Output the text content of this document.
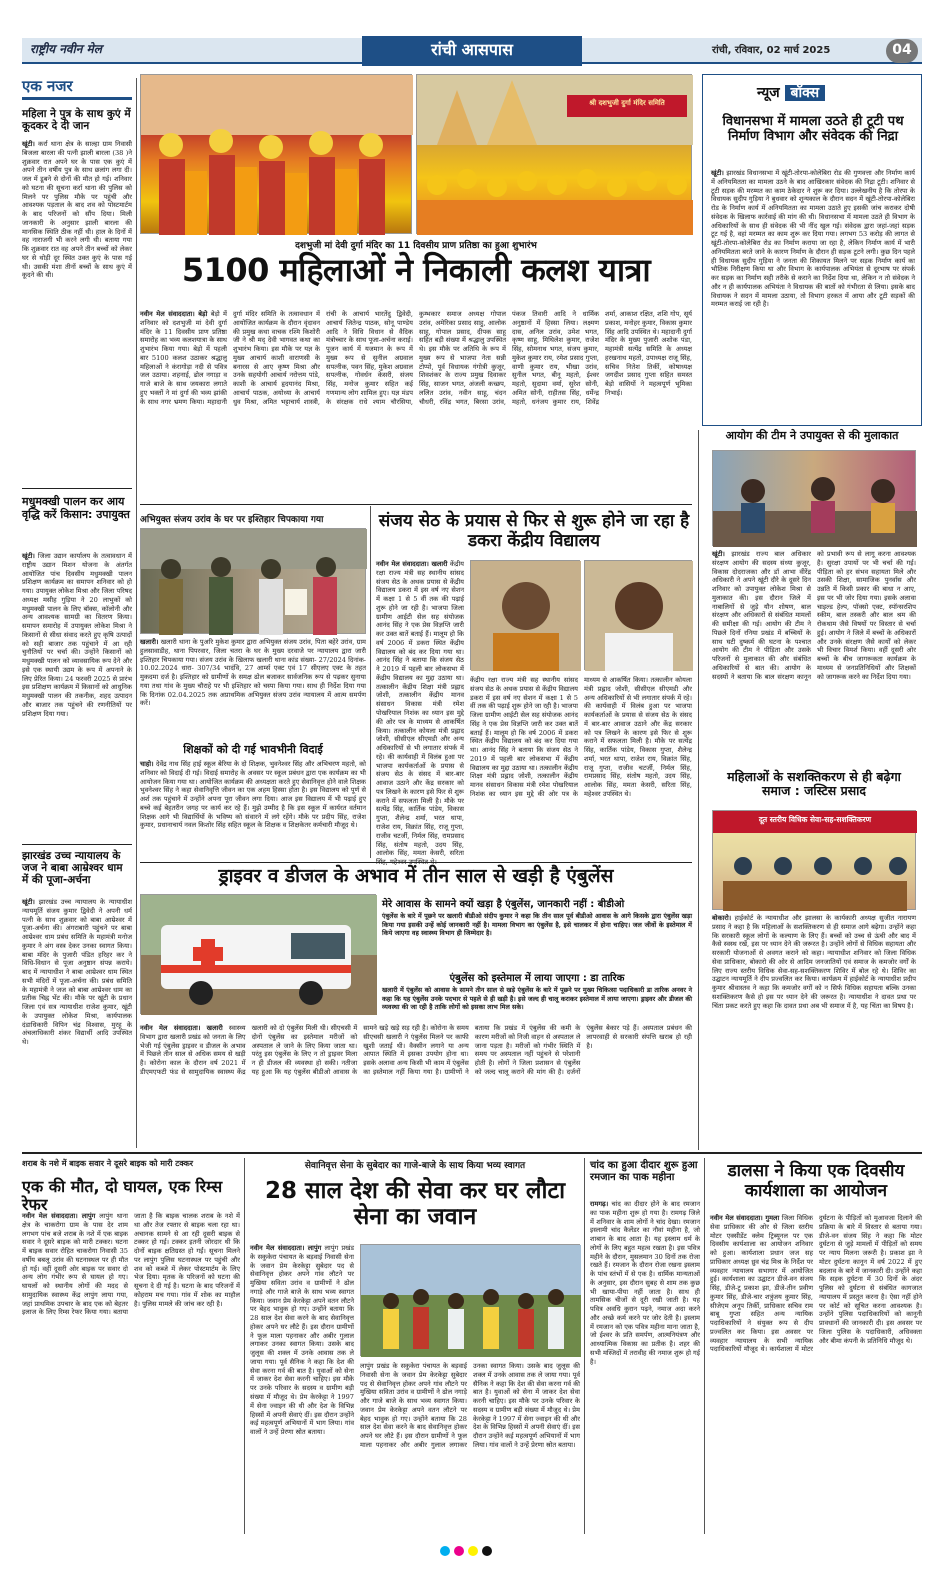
राष्ट्रीय नवीन मेल	रांची आसपास	रांची, रविवार, 02 मार्च 2025	04
एक नजर
महिला ने पुत्र के साथ कुएं में कूदकर दे दी जान
खूंटी। कर्रा थाना क्षेत्र के साल्हा ग्राम निवासी बिजला बारला की पत्नी झाली बारला (38 )ने शुक्रवार रात अपने घर के पास एक कुएं में अपने तीन वर्षीय पुत्र के साथ छलांग लगा दी। जल में डूबने से दोनों की मौत हो गई। शनिवार को घटना की सूचना कर्रा थाना की पुलिस को मिलने पर पुलिस मौके पर पहुंची और आवश्यक पड़ताल के बाद शव को पोस्टमार्टम के बाद परिजनों को सौंप दिया। मिली जानकारी के अनुसार झाली बारला की मानसिक स्थिति ठीक नहीं थी। हाल के दिनों में वह नाराजगी भी करने लगी थी। बताया गया कि शुक्रवार रात वह अपने तीन बच्चों को लेकर घर से थोड़ी दूर स्थित उक्त कुएं के पास गई थी। उसकी मंशा तीनों बच्चों के साथ कुएं में कूदने की थी।
मधुमक्खी पालन कर आय वृद्धि करें किसान: उपायुक्त
खूंटी। जिला उद्यान कार्यालय के तत्वावधान में राष्ट्रीय उद्यान मिशन योजना के अंतर्गत आयोजित पांच दिवसीय मधुमक्खी पालन प्रशिक्षण कार्यक्रम का समापन शनिवार को हो गया। उपायुक्त लोकेश मिश्रा और जिला परिषद अध्यक्ष मसीह गुड़िया ने 20 लाभुकों को मधुमक्खी पालन के लिए बॉक्स, कॉलोनी और अन्य आवश्यक सामग्री का वितरण किया। समापन समारोह में उपायुक्त लोकेश मिश्रा ने किसानों से सीधा संवाद करते हुए कृषि उत्पादों को सही बाजार तक पहुंचाने में आ रही चुनौतियों पर चर्चा की। उन्होंने किसानों को मधुमक्खी पालन को व्यावसायिक रूप देने और इसे एक स्थायी उद्यम के रूप में अपनाने के लिए प्रेरित किया। 24 फरवरी 2025 से प्रारंभ इस प्रशिक्षण कार्यक्रम में किसानों को आधुनिक मधुमक्खी पालन की तकनीक, शहद उत्पादन और बाजार तक पहुंचने की रणनीतियों पर प्रशिक्षण दिया गया।
झारखंड उच्च न्यायालय के जज ने बाबा आम्रेश्वर धाम में की पूजा-अर्चना
खूंटी। झारखंड उच्च न्यायालय के न्यायाधीश न्यायमूर्ति संजय कुमार द्विवेदी ने अपनी धर्म पत्नी के साथ शुक्रवार को बाबा आम्रेश्वर में पूजा-अर्चना की। अंगराबारी पहुंचने पर बाबा आम्रेश्वर धाम प्रबंध समिति के महामंत्री मनोज कुमार ने अंग वस्त्र देकर उनका स्वागत किया। बाबा मंदिर के पुजारी पंडित हरिहर कर ने विधि-विधान से पूजा अनुष्ठान संपन्न कराये। बाद में न्यायाधीश ने बाबा आम्रेश्वर धाम स्थित सभी मंदिरों में पूजा-अर्चना की। प्रबंध समिति के महामंत्री ने जज को बाबा आम्रेश्वर धाम का प्रतीक चिह्न भेंट की। मौके पर खूंटी के प्रधान जिला एवं सत्र न्यायाधीश राजेश कुमार, खूंटी के उपायुक्त लोकेश मिश्रा, कार्यपालक दंडाधिकारी विपिन चंद्र विश्वास, मुरहू के अंचलाधिकारी शंकर विद्यार्थी आदि उपस्थित थे।
श्री दशभुजी दुर्गा मंदिर समिति
दशभुजी मां देवी दुर्गा मंदिर का 11 दिवसीय प्राण प्रतिष्ठा का हुआ शुभारंभ
5100 महिलाओं ने निकाली कलश यात्रा
नवीन मेल संवाददाता। बेड़ो बेड़ो में शनिवार को दशभुजी मां देवी दुर्गा मंदिर के 11 दिवसीय प्राण प्रतिष्ठा समारोह का भव्य कलशयात्रा के साथ शुभारंभ किया गया। बेड़ो में पहली बार 5100 कलश उठाकर श्रद्धालु महिलाओं ने कंरागोड़ा नदी से पवित्र जल उठाया। शहनाई, ढोल नगाड़ा व गाजे बाजे के साथ जयकारा लगाते हुए भक्तों ने मां दुर्गा की भव्य झांकी के साथ नगर भ्रमण किया। महादानी दुर्गा मंदिर समिति के तत्वावधान में आयोजित कार्यक्रम के दौरान वृंदावन की प्रमुख कथा वाचक रश्मि किशोरी जी ने श्री मद् देवी भागवत कथा का शुभारंभ किया। इस मौके पर यज्ञ के मुख्य आचार्य काशी वाराणसी के बनारस से आए कृष्ण मिश्रा और उनके सहयोगी आचार्य नरोत्तम पांडे, काशी के आचार्य हृदयानंद मिश्रा, आचार्य पाठक, अयोध्या के आचार्य धुव मिश्रा, अमित भट्टाचार्य शास्त्री, रांची के आचार्य भारतेंदु द्विवेदी, आचार्य जितेन्द्र पाठक, सोनू पाण्डेय आदि ने विधि विधान से वैदिक मंत्रोच्चार के साथ पूजा-अर्चना कराई। पूजन कार्य में यजमान के रूप में मुख्य रूप से सुनील अग्रवाल सपत्नीक, पवन सिंह, मुकेश अग्रवाल सपत्नीक, गोवर्धन केसरी, संजय सिंह, मनोज कुमार सहित कई गणमान्य लोग शामिल हुए। यज्ञ मंडप के संरक्षक राधे श्याम चौरसिया, कुम्भकार समाज अध्यक्ष गोपाल उरांव, अमेरिका प्रसाद साहु, आलोक साहू, गोपाल प्रसाद, दीपक साहू सहित बड़ी संख्या में श्रद्धालु उपस्थित थे। इस मौके पर अतिथि के रूप में मुख्य रूप से भाजपा नेता सन्नी टोप्पो, पूर्व विधायक गंगोत्री कुजूर, शिवशंकर के राज्य प्रमुख दिवाकर सिंह, साजन भगत, अंजली कच्छप, ललित उरांव, नवीन साहू, चंदन चौधरी, रविंद्र भगत, बिरसा उरांव, पंकज तिवारी आदि ने धार्मिक अनुष्ठानों में हिस्सा लिया। लक्ष्मण दास, अनिल उरांव, उमेश भगत, कृष्ण साहू, मिथिलेश कुमार, राजेश सिंह, सोमनाथ भगत, संजय कुमार, मुकेश कुमार राय, रमेश प्रसाद गुप्ता, वाणी कुमार राय, भीखा उरांव, सुनील भगत, बीनू महतो, ईश्वर महतो, सुदामा वर्मा, सुरेश सोनी, अमित सोनी, राहीतस सिंह, धर्मेन्द्र महतो, धनंजय कुमार राय, शिवेंद्र शर्मा, आकाश रक्षित, शशि गोप, सूर्य प्रकाश, मनोहर कुमार, विकास कुमार सिंह आदि उपस्थित थे। महादानी दुर्गा मंदिर के मुख्य पुजारी अशोक पंडा, महामंत्री सत्येंद्र समिति के अध्यक्ष हरखनाथ महतो, उपाध्यक्ष राजू सिंह, सचिव नितेश तिर्की, कोषाध्यक्ष जगदीश प्रसाद गुप्ता सहित समस्त बेड़ो वासियों ने महत्वपूर्ण भूमिका निभाई।
न्यूज बॉक्स
विधानसभा में मामला उठते ही टूटी पथ निर्माण विभाग और संवेदक की निद्रा
खूंटी। झारखंड विधानसभा में खूंटी-तोरपा-कोलेबिरा रोड की गुणवत्ता और निर्माण कार्य में अनियमितता का मामला उठने के बाद आखिरकार संवेदक की निद्रा टूटी। शनिवार से टूटी सड़क की मरम्मत का काम ठेकेदार ने शुरू कर दिया। उल्लेखनीय है कि तोरपा के विधायक सुदीप गुड़िया ने बुधवार को शून्यकाल के दौरान सदन में खूंटी-तोरपा-कोलेबिरा रोड के निर्माण कार्य में अनियमितता का मामला उठाते हुए इसकी जांच कराकर दोषी संवेदक के खिलाफ कार्रवाई की मांग की थी। विधानसभा में मामला उठते ही विभाग के अधिकारियों के साथ ही संवेदक की भी नींद खुल गई। संवेदक द्वारा जहां-जहां सड़क टूट गई है, वहां मरम्मत का काम शुरू कर दिया गया। लगभग 53 करोड़ की लागत से खूंटी-तोरपा-कोलेबिरा रोड का निर्माण कराया जा रहा है, लेकिन निर्माण कार्य में भारी अनियमितता बरते जाने के कारण निर्माण के दौरान ही सड़क टूटने लगी। कुछ दिन पहले ही विधायक सुदीप गुड़िया ने जनता की शिकायत मिलने पर सड़क निर्माण कार्य का भौतिक निरीक्षण किया था और विभाग के कार्यपालक अभियंता से दूरभाष पर संपर्क कर सड़क का निर्माण सही तरीके से कराने का निर्देश दिया था, लेकिन न तो संवेदक ने और न ही कार्यपालक अभियंता ने विधायक की बातों को गंभीरता से लिया। इसके बाद विधायक ने सदन में मामला उठाया, तो विभाग हरकत में आया और टूटी सड़कों की मरम्मत कराई जा रही है।
आयोग की टीम ने उपायुक्त से की मुलाकात
खूंटी। झारखंड राज्य बाल अधिकार संरक्षण आयोग की सदस्य संध्या कुजूर, विकास दोदराजका और डॉ आभा वीरेंद्र अधिकारी ने अपने खूंटी दौरे के दूसरे दिन शनिवार को उपायुक्त लोकेश मिश्रा से मुलाकात की। इस दौरान जिले में नाबालिगों से जुड़े यौन शोषण, बाल संरक्षण और अधिकारों से संबंधित मामलों की समीक्षा की गई। आयोग की टीम ने पिछले दिनों रनिया प्रखंड में बच्चियों के साथ घटी दुष्कर्म की घटना के पश्चात आयोग की टीम ने पीड़िता और उसके परिजनों से मुलाकात की और संबंधित अधिकारियों से बात की। आयोग के सदस्यों ने बताया कि बाल संरक्षण कानून को प्रभावी रूप से लागू करना आवश्यक है। सुरक्षा उपायों पर भी चर्चा की गई। पीड़िता को हर संभव सहायता मिले और उसकी शिक्षा, सामाजिक पुनर्वास और उन्नति में किसी प्रकार की बाधा न आए, इस पर भी जोर दिया गया। इसके अलावा चाइल्ड हेल्प, पॉक्सो एक्ट, स्पॉन्सरशिप स्कीम, बाल तस्करी और बाल श्रम की रोकथाम जैसे विषयों पर विस्तार से चर्चा हुई। आयोग ने जिले में बच्चों के अधिकारों और उनके संरक्षण जैसे कार्यों को लेकर भी विचार विमर्श किया। वहीं दूसरी ओर बच्चों के बीच जागरूकता कार्यक्रम के माध्यम से जनप्रतिनिधियों और शिक्षकों को जागरूक करने का निर्देश दिया गया।
महिलाओं के सशक्तिकरण से ही बढ़ेगा समाज : जस्टिस प्रसाद
दूत स्तरीय विधिक सेवा-सह-सशक्तिकरण
बोकारो। हाईकोर्ट के न्यायाधीश और झालसा के कार्यकारी अध्यक्ष सुजीत नारायण प्रसाद ने कहा है कि महिलाओं के सशक्तिकरण से ही समाज आगे बढ़ेगा। उन्होंने कहा कि सरकारी स्कूल लोगों के कल्याण के लिए हैं। बच्चों को उच्च से ऊंची और बाद में कैसे स्वस्थ रखें, इस पर ध्यान देने की जरूरत है। उन्होंने लोगों से विधिक सहायता और सरकारी योजनाओं से अवगत कराने को कहा। न्यायाधीश शनिवार को जिला विधिक सेवा प्राधिकार, बोकारो की ओर से आदिम जनजातियों एवं समाज के कमजोर वर्गों के लिए राज्य स्तरीय विधिक सेवा-सह-सशक्तिकरण शिविर में बोल रहे थे। शिविर का उद्घाटन न्यायमूर्ति ने दीप प्रज्वलित कर किया। कार्यक्रम में हाईकोर्ट के न्यायाधीश प्रदीप कुमार श्रीवास्तव ने कहा कि कमजोर वर्गों को न सिर्फ विधिक सहायता बल्कि उनका सशक्तिकरण कैसे हो इस पर ध्यान देने की जरूरत है। न्यायाधीश ने दावत प्रथा पर चिंता प्रकट करते हुए कहा कि दावत प्रथा अब भी समाज में है, यह चिंता का विषय है।
अभियुक्त संजय उरांव के घर पर इश्तिहार चिपकाया गया
खलारी। खलारी थाना के पुअरि मुकेश कुमार द्वारा अभियुक्त संजय उरांव, पिता बहेरे उरांव, ग्राम हुलसावाडीह, थाना पिपरवार, जिला चतरा के घर के मुख्य दरवाजे पर न्यायालय द्वारा जारी इश्तिहार चिपकाया गया। संजय उरांव के खिलाफ खलारी थाना कांड संख्या- 27/2024 दिनांक- 10.02.2024 धारा- 307/34 भादंवि, 27 आर्म्स एक्ट एवं 17 सीएलए एक्ट के तहत मुकदमा दर्ज है। इश्तिहार को ग्रामीणों के समक्ष ढोल बजाकर सार्वजनिक रूप से पढ़कर सुनाया गया तथा गांव के मुख्य चौराहे पर भी इश्तिहार को चस्पा किया गया। साथ ही निर्देश दिया गया कि दिनांक 02.04.2025 तक अप्राथमिक अभियुक्त संजय उरांव न्यायालय में आत्म समर्पण करें।
शिक्षकों को दी गई भावभीनी विदाई
चाहो। देवेंद्र नाथ सिंह हाई स्कूल बेरिया के दो शिक्षक, भुवनेश्वर सिंह और अभिचरण महतो, को शनिवार को विदाई दी गई। विदाई समारोह के अवसर पर स्कूल प्रबंधन द्वारा एक कार्यक्रम का भी आयोजन किया गया था। आयोजित कार्यक्रम की अध्यक्षता करते हुए सेवानिवृत्त होने वाले शिक्षक भुवनेश्वर सिंह ने कहा सेवानिवृत्ति जीवन का एक अहम हिस्सा होता है। इस विद्यालय को पूर्ण से अर्श तक पहुंचाने में उन्होंने अपना पूरा जीवन लगा दिया। आज इस विद्यालय में भी पढ़ाई हुए बच्चे कई बेहतरीन जगह पर कार्य कर रहे हैं। मुझे उम्मीद है कि इस स्कूल में कार्यरत वर्तमान शिक्षक आगे भी विद्यार्थियों के भविष्य को संवारने में लगे रहेंगे। मौके पर प्रदीप सिंह, राजेश कुमार, प्रधानाचार्य नवल किशोर सिंह सहित स्कूल के शिक्षक व शिक्षकेतर कर्मचारी मौजूद थे।
संजय सेठ के प्रयास से फिर से शुरू होने जा रहा है डकरा केंद्रीय विद्यालय
नवीन मेल संवाददाता। खलारी केंद्रीय रक्षा राज्य मंत्री सह स्थानीय सांसद संजय सेठ के अथक प्रयास से केंद्रीय विद्यालय डकरा में इस वर्ष नए सेशन में कक्षा 1 से 5 वीं तक की पढ़ाई शुरू होने जा रही है। भाजपा जिला ग्रामीण आईटी सेल सह संयोजक आनंद सिंह ने एक प्रेस विज्ञप्ति जारी कर उक्त बातें बताई हैं। मालूम हो कि वर्ष 2006 में डकरा स्थित केंद्रीय विद्यालय को बंद कर दिया गया था। आनंद सिंह ने बताया कि संजय सेठ ने 2019 में पहली बार लोकसभा में केंद्रीय विद्यालय का मुद्दा उठाया था। तत्कालीन केंद्रीय शिक्षा मंत्री प्रह्लाद जोशी, तत्कालीन केंद्रीय मानव संसाधन विकास मंत्री रमेश पोखरियाल निशंक का ध्यान इस मुद्दे की ओर पत्र के माध्यम से आकर्षित किया। तत्कालीन कोयला मंत्री प्रह्लाद जोशी, सीसीएल सीएमडी और अन्य अधिकारियों से भी लगातार संपर्क में रहे। की कार्यवाही में विलंब हुआ पर भाजपा कार्यकर्ताओं के प्रयास से संजय सेठ के संसद में बार-बार आवाज उठाने और केंद्र सरकार को पत्र लिखने के कारण इसे फिर से शुरू कराने में सफलता मिली है। मौके पर सत्येंद्र सिंह, कार्तिक पांडेय, विकास गुप्ता, शैलेन्द्र शर्मा, भरत थापा, राजेश राय, विक्रांत सिंह, राजू गुप्ता, राजीव चटर्जी, निर्मल सिंह, रामप्रसाद सिंह, संतोष महतो, उदय सिंह, आलोक सिंह, ममता केसरी, सरिता
केंद्रीय रक्षा राज्य मंत्री सह स्थानीय सांसद संजय सेठ के अथक प्रयास से केंद्रीय विद्यालय डकरा में इस वर्ष नए सेशन में कक्षा 1 से 5 वीं तक की पढ़ाई शुरू होने जा रही है। भाजपा जिला ग्रामीण आईटी सेल सह संयोजक आनंद सिंह ने एक प्रेस विज्ञप्ति जारी कर उक्त बातें बताई हैं। मालूम हो कि वर्ष 2006 में डकरा स्थित केंद्रीय विद्यालय को बंद कर दिया गया था। आनंद सिंह ने बताया कि संजय सेठ ने 2019 में पहली बार लोकसभा में केंद्रीय विद्यालय का मुद्दा उठाया था। तत्कालीन केंद्रीय शिक्षा मंत्री प्रह्लाद जोशी, तत्कालीन केंद्रीय मानव संसाधन विकास मंत्री रमेश पोखरियाल निशंक का ध्यान इस मुद्दे की ओर पत्र के माध्यम से आकर्षित किया। तत्कालीन कोयला मंत्री प्रह्लाद जोशी, सीसीएल सीएमडी और अन्य अधिकारियों से भी लगातार संपर्क में रहे। की कार्यवाही में विलंब हुआ पर भाजपा कार्यकर्ताओं के प्रयास से संजय सेठ के संसद में बार-बार आवाज उठाने और केंद्र सरकार को पत्र लिखने के कारण इसे फिर से शुरू कराने में सफलता मिली है। मौके पर सत्येंद्र सिंह, कार्तिक पांडेय, विकास गुप्ता, शैलेन्द्र शर्मा, भरत थापा, राजेश राय, विक्रांत सिंह, राजू गुप्ता, राजीव चटर्जी, निर्मल सिंह, रामप्रसाद सिंह, संतोष महतो, उदय सिंह, आलोक सिंह, ममता केसरी, सरिता सिंह, महेश्वर उपस्थित थे।
ड्राइवर व डीजल के अभाव में तीन साल से खड़ी है एंबुलेंस
मेरे आवास के सामने क्यों खड़ा है एंबुलेंस, जानकारी नहीं : बीडीओ
एंबुलेंस के बारे में पूछने पर खलारी बीडीओ संदीप कुमार ने कहा कि तीन साल पूर्व बीडीओ आवास के आगे किसके द्वारा एंबुलेंस खड़ा किया गया इसकी उन्हें कोई जानकारी नहीं है। मामला विभाग का एंबुलेंस है, इसे चालकर में होना चाहिए। जल जीवों के इस्तेमाल में किये जाएगा वह स्वास्थ्य विभाग ही जिम्मेदार है।
एंबुलेंस को इस्तेमाल में लाया जाएगा : डा तारिक
खलारी में एंबुलेंस को आवास के सामने तीन साल से खड़े एंबुलेंस के बारे में पूछने पर मुख्य चिकित्सा पदाधिकारी डा तारिक अनवर ने कहा कि यह एंबुलेंस उनके पदभार से पहले से ही खड़ी है। इसे जल्द ही चालू कराकर इस्तेमाल में लाया जाएगा। ड्राइवर और डीजल की व्यवस्था की जा रही है ताकि लोगों को इसका लाभ मिल सके।
नवीन मेल संवाददाता। खलारी स्वास्थ्य विभाग द्वारा खलारी प्रखंड को जनता के लिए भेजी गई एंबुलेंस ड्राइवर व डीजल के अभाव में पिछले तीन साल से अधिक समय से खड़ी है। कोरोना काल के दौरान वर्ष 2021 में डीएमएफटी फंड से सामुदायिक स्वास्थ्य केंद्र खलारी को दो एंबुलेंस मिली थी। सीएचसी में दोनों एंबुलेंस का इस्तेमाल मरीजों को अस्पताल ले जाने के लिए किया जाता था। परंतु इस एंबुलेंस के लिए न तो ड्राइवर मिला न ही डीजल की व्यवस्था हो सकी। नतीजा यह हुआ कि यह एंबुलेंस बीडीओ आवास के सामने खड़े खड़े सड़ रही है। कोरोना के समय सीएचसी खलारी ने एंबुलेंस मिलने पर काफी खुशी जताई थी। वैक्सीन लगाने या अन्य आपात स्थिति में इसका उपयोग होना था। इसके अलावा अन्य किसी भी काम में एंबुलेंस का इस्तेमाल नहीं किया गया है। ग्रामीणों ने बताया कि प्रखंड में एंबुलेंस की कमी के कारण मरीजों को निजी वाहन से अस्पताल ले जाना पड़ता है। मरीजों को गंभीर स्थिति में समय पर अस्पताल नहीं पहुंचने से परेशानी होती है। लोगों ने जिला प्रशासन से एंबुलेंस को जल्द चालू कराने की मांग की है। दर्जनों एंबुलेंस बेकार पड़े हैं। अस्पताल प्रबंधन की लापरवाही से सरकारी संपत्ति खराब हो रही है।
शराब के नशे में बाइक सवार ने दूसरे बाइक को मारी टक्कर
एक की मौत, दो घायल, एक रिम्स रेफर
नवीन मेल संवाददाता। लापुंग लापुंग थाना क्षेत्र के चाकरोगा ग्राम के पास देर शाम लगभग पांच बजे शराब के नशे में एक बाइक सवार ने दूसरे बाइक को मारी टक्कर। घटना में बाइक सवार रोहित चाकरोगा निवासी 35 वर्षीय बबलू उरांव की घटनास्थल पर ही मौत हो गई। वहीं दूसरी ओर बाइक पर सवार दो अन्य लोग गंभीर रूप से घायल हो गए। घायलों को स्थानीय लोगों की मदद से सामुदायिक स्वास्थ्य केंद्र लापुंग लाया गया, जहां प्राथमिक उपचार के बाद एक को बेहतर इलाज के लिए रिम्स रेफर किया गया। बताया जाता है कि बाइक चालक शराब के नशे में था और तेज रफ्तार से बाइक चला रहा था। अचानक सामने से आ रही दूसरी बाइक से टक्कर हो गई। टक्कर इतनी जोरदार थी कि दोनों बाइक क्षतिग्रस्त हो गईं। सूचना मिलने पर लापुंग पुलिस घटनास्थल पर पहुंची और शव को कब्जे में लेकर पोस्टमार्टम के लिए भेज दिया। मृतक के परिजनों को घटना की सूचना दे दी गई है। घटना के बाद परिजनों में कोहराम मच गया। गांव में शोक का माहौल है। पुलिस मामले की जांच कर रही है।
सेवानिवृत्त सेना के सुबेदार का गाजे-बाजे के साथ किया भव्य स्वागत
28 साल देश की सेवा कर घर लौटा सेना का जवान
नवीन मेल संवाददाता। लापुंग लापुंग प्रखंड के सकुकेरा पंचायत के बड़वाई निवासी सेना के जवान प्रेम केरकेट्टा सुबेदार पद से सेवानिवृत्त होकर अपने गांव लौटने पर मुखिया सविता उरांव व ग्रामीणों ने ढोल नगाड़े और गाजे बाजे के साथ भव्य स्वागत किया। जवान प्रेम केरकेट्टा अपने वतन लौटने पर बेहद भावुक हो गए। उन्होंने बताया कि 28 साल देश सेवा करने के बाद सेवानिवृत्त होकर अपने घर लौटे हैं। इस दौरान ग्रामीणों ने फूल माला पहनाकर और अबीर गुलाल लगाकर उनका स्वागत किया। उसके बाद जुलूस की शक्ल में उनके आवास तक ले जाया गया। पूर्व सैनिक ने कहा कि देश की सेवा करना गर्व की बात है। युवाओं को सेना में जाकर देश सेवा करनी चाहिए। इस मौके पर उनके परिवार के सदस्य व ग्रामीण बड़ी संख्या में मौजूद थे। प्रेम केरकेट्टा ने 1997 में सेना ज्वाइन की थी और देश के विभिन्न हिस्सों में अपनी सेवाएं दीं। इस दौरान उन्होंने कई महत्वपूर्ण अभियानों में भाग लिया। गांव वालों ने उन्हें प्रेरणा स्रोत बताया।
लापुंग प्रखंड के सकुकेरा पंचायत के बड़वाई निवासी सेना के जवान प्रेम केरकेट्टा सुबेदार पद से सेवानिवृत्त होकर अपने गांव लौटने पर मुखिया सविता उरांव व ग्रामीणों ने ढोल नगाड़े और गाजे बाजे के साथ भव्य स्वागत किया। जवान प्रेम केरकेट्टा अपने वतन लौटने पर बेहद भावुक हो गए। उन्होंने बताया कि 28 साल देश सेवा करने के बाद सेवानिवृत्त होकर अपने घर लौटे हैं। इस दौरान ग्रामीणों ने फूल माला पहनाकर और अबीर गुलाल लगाकर उनका स्वागत किया। उसके बाद जुलूस की शक्ल में उनके आवास तक ले जाया गया। पूर्व सैनिक ने कहा कि देश की सेवा करना गर्व की बात है। युवाओं को सेना में जाकर देश सेवा करनी चाहिए। इस मौके पर उनके परिवार के सदस्य व ग्रामीण बड़ी संख्या में मौजूद थे। प्रेम केरकेट्टा ने 1997 में सेना ज्वाइन की थी और देश के विभिन्न हिस्सों में अपनी सेवाएं दीं। इस दौरान उन्होंने कई महत्वपूर्ण अभियानों में भाग लिया। गांव वालों ने उन्हें प्रेरणा स्रोत बताया।
चांद का हुआ दीदार शुरू हुआ रमजान का पाक महीना
रामगढ़। चांद का दीदार होने के बाद रमजान का पाक महीना शुरू हो गया है। रामगढ़ जिले में शनिवार के शाम लोगों ने चांद देखा। रमजान इस्लामी चांद कैलेंडर का नौवां महीना है, जो शाबान के बाद आता है। यह इस्लाम धर्म के लोगों के लिए बहुत महत्व रखता है। इस पवित्र महीने के दौरान, मुसलमान 30 दिनों तक रोजा रखते हैं। रमजान के दौरान रोजा रखना इस्लाम के पांच स्तंभों में से एक है। धार्मिक मान्यताओं के अनुसार, इस दौरान सुबह से शाम तक कुछ भी खाया-पीया नहीं जाता है। साथ ही तामसिक चीजों से दूरी रखी जाती है। यह पवित्र अवधि कुरान पढ़ने, नमाज अदा करने और अच्छे कर्म करने पर जोर देती है। इस्लाम में रमजान को एक पवित्र महीना माना जाता है, जो ईश्वर के प्रति समर्पण, आत्मनियंत्रण और आध्यात्मिक विकास का प्रतीक है। शहर की सभी मस्जिदों में तरावीह की नमाज शुरू हो गई है।
डालसा ने किया एक दिवसीय कार्यशाला का आयोजन
नवीन मेल संवाददाता। गुमला जिला विधिक सेवा प्राधिकार की ओर से जिला स्तरीय मोटर एक्सीडेंट क्लेम ट्रिब्यूनल पर एक दिवसीय कार्यशाला का आयोजन शनिवार को हुआ। कार्यशाला प्रधान जज सह प्राधिकार अध्यक्ष ध्रुव चंद्र मिश्र के निर्देश पर व्यवहार न्यायालय सभागार में आयोजित हुई। कार्यशाला का उद्घाटन डीजे-वन संजय सिंह, डीजे-टू प्रकाश झा, डीजे-तीन प्रवीण कुमार सिंह, डीजे-चार शत्रुंजय कुमार सिंह, सीजेएम अनूप तिर्की, प्राधिकार सचिव राम बाबू गुप्ता सहित अन्य न्यायिक पदाधिकारियों ने संयुक्त रूप से दीप प्रज्वलित कर किया। इस अवसर पर व्यवहार न्यायालय के सभी न्यायिक पदाधिकारियों मौजूद थे। कार्यशाला में मोटर दुर्घटना के पीड़ितों को मुआवजा दिलाने की प्रक्रिया के बारे में विस्तार से बताया गया। डीजे-वन संजय सिंह ने कहा कि मोटर दुर्घटना से जुड़े मामलों में पीड़ितों को समय पर न्याय मिलना जरूरी है। प्रकाश झा ने मोटर दुर्घटना कानून में वर्ष 2022 में हुए बदलाव के बारे में जानकारी दी। उन्होंने कहा कि सड़क दुर्घटना में 30 दिनों के अंदर पुलिस को दुर्घटना से संबंधित कागजात न्यायालय में प्रस्तुत करना है। ऐसा नहीं होने पर कोर्ट को सूचित करना आवश्यक है। उन्होंने पुलिस पदाधिकारियों को कानूनी प्रावधानों की जानकारी दी। इस अवसर पर जिला पुलिस के पदाधिकारी, अधिवक्ता और बीमा कंपनी के प्रतिनिधि मौजूद थे।
